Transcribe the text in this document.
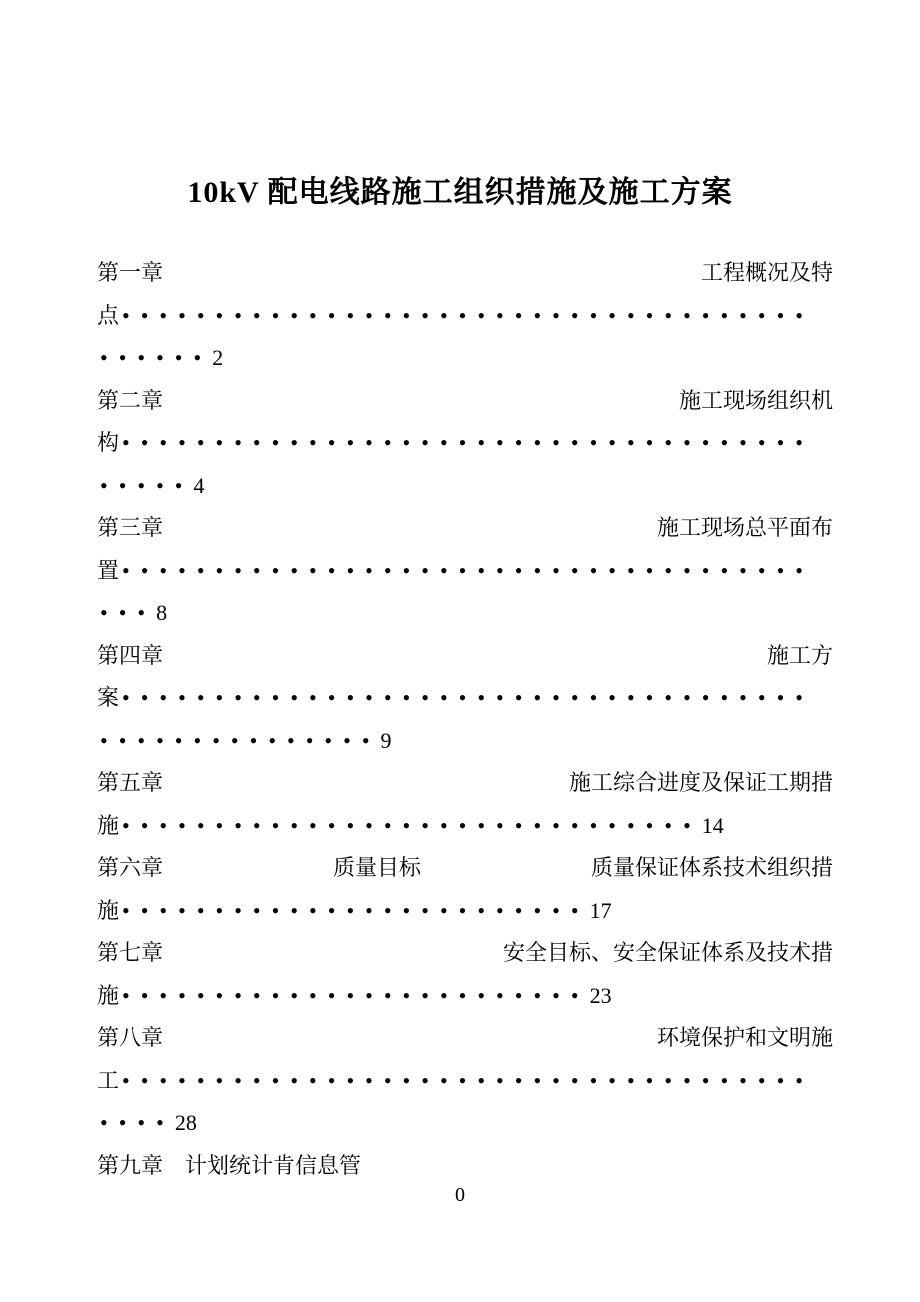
10kV 配电线路施工组织措施及施工方案
第一章	工程概况及特
点 •••••••••••••••••••••••••••••••••••••
•••••• 2
第二章	施工现场组织机
构 •••••••••••••••••••••••••••••••••••••
••••• 4
第三章	施工现场总平面布
置 •••••••••••••••••••••••••••••••••••••
••• 8
第四章	施工方
案 •••••••••••••••••••••••••••••••••••••
••••••••••••••• 9
第五章	施工综合进度及保证工期措
施 ••••••••••••••••••••••••••••••• 14
第六章	质量目标	质量保证体系技术组织措
施 ••••••••••••••••••••••••• 17
第七章	安全目标、安全保证体系及技术措
施 ••••••••••••••••••••••••• 23
第八章	环境保护和文明施
工 •••••••••••••••••••••••••••••••••••••
•••• 28
第九章　计划统计肯信息管
0
